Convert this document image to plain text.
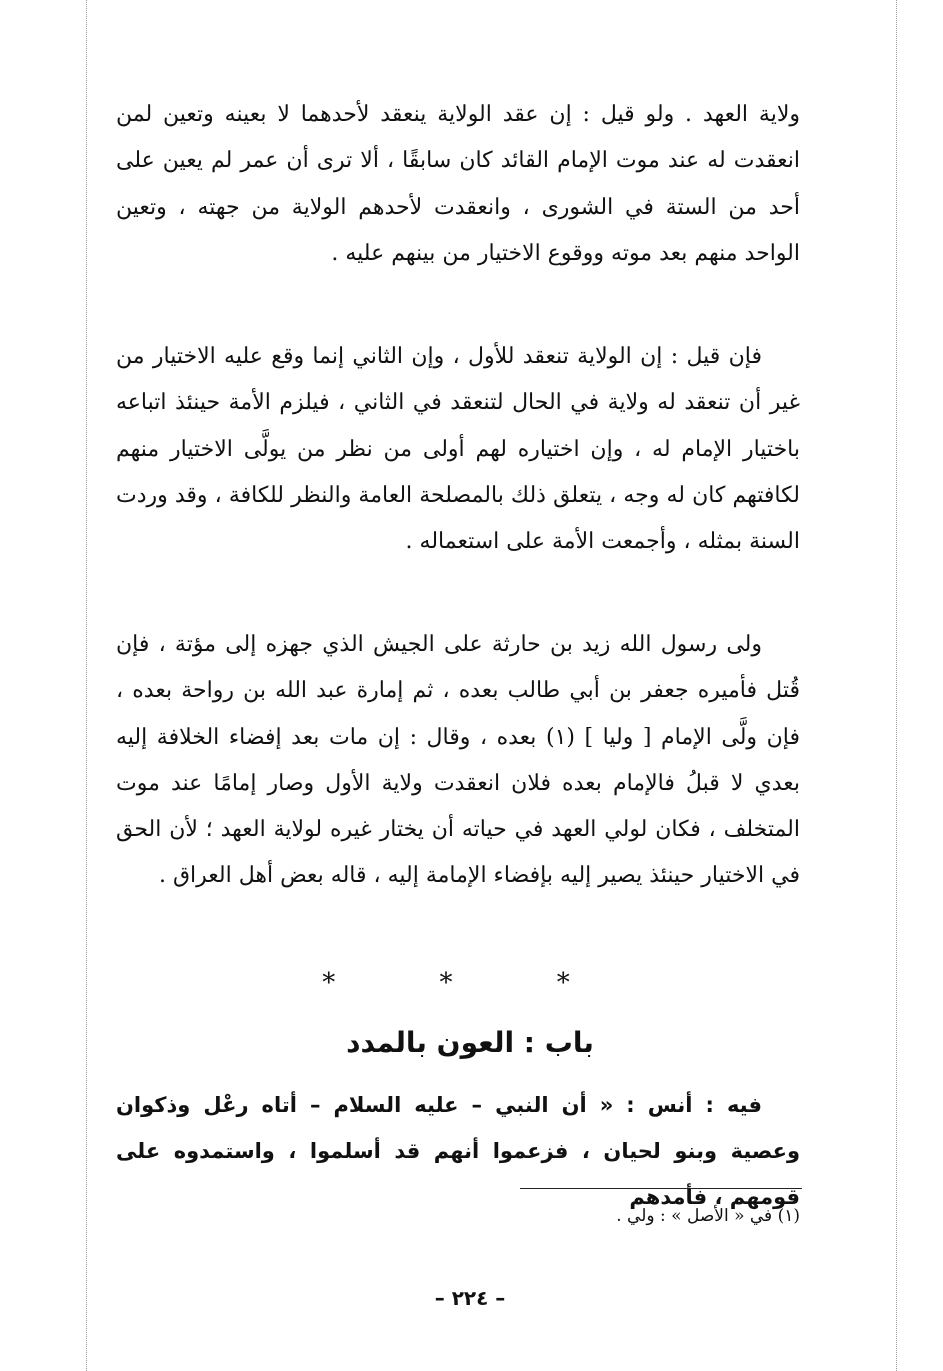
ولاية العهد . ولو قيل : إن عقد الولاية ينعقد لأحدهما لا بعينه وتعين لمن انعقدت له عند موت الإمام القائد كان سابقًا ، ألا ترى أن عمر لم يعين على أحد من الستة في الشورى ، وانعقدت لأحدهم الولاية من جهته ، وتعين الواحد منهم بعد موته ووقوع الاختيار من بينهم عليه .

فإن قيل : إن الولاية تنعقد للأول ، وإن الثاني إنما وقع عليه الاختيار من غير أن تنعقد له ولاية في الحال لتنعقد في الثاني ، فيلزم الأمة حينئذ اتباعه باختيار الإمام له ، وإن اختياره لهم أولى من نظر من يولَّى الاختيار منهم لكافتهم كان له وجه ، يتعلق ذلك بالمصلحة العامة والنظر للكافة ، وقد وردت السنة بمثله ، وأجمعت الأمة على استعماله .

ولى رسول الله زيد بن حارثة على الجيش الذي جهزه إلى مؤتة ، فإن قُتل فأميره جعفر بن أبي طالب بعده ، ثم إمارة عبد الله بن رواحة بعده ، فإن ولَّى الإمام [ وليا ] (١) بعده ، وقال : إن مات بعد إفضاء الخلافة إليه بعدي لا قبلُ فالإمام بعده فلان انعقدت ولاية الأول وصار إمامًا عند موت المتخلف ، فكان لولي العهد في حياته أن يختار غيره لولاية العهد ؛ لأن الحق في الاختيار حينئذ يصير إليه بإفضاء الإمامة إليه ، قاله بعض أهل العراق .

* * *
باب : العون بالمدد

فيه : أنس : « أن النبي – عليه السلام – أتاه رعْل وذكوان وعصية وبنو لحيان ، فزعموا أنهم قد أسلموا ، واستمدوه على قومهم ، فأمدهم

(١) في « الأصل » : ولي .

– ٢٢٤ –
